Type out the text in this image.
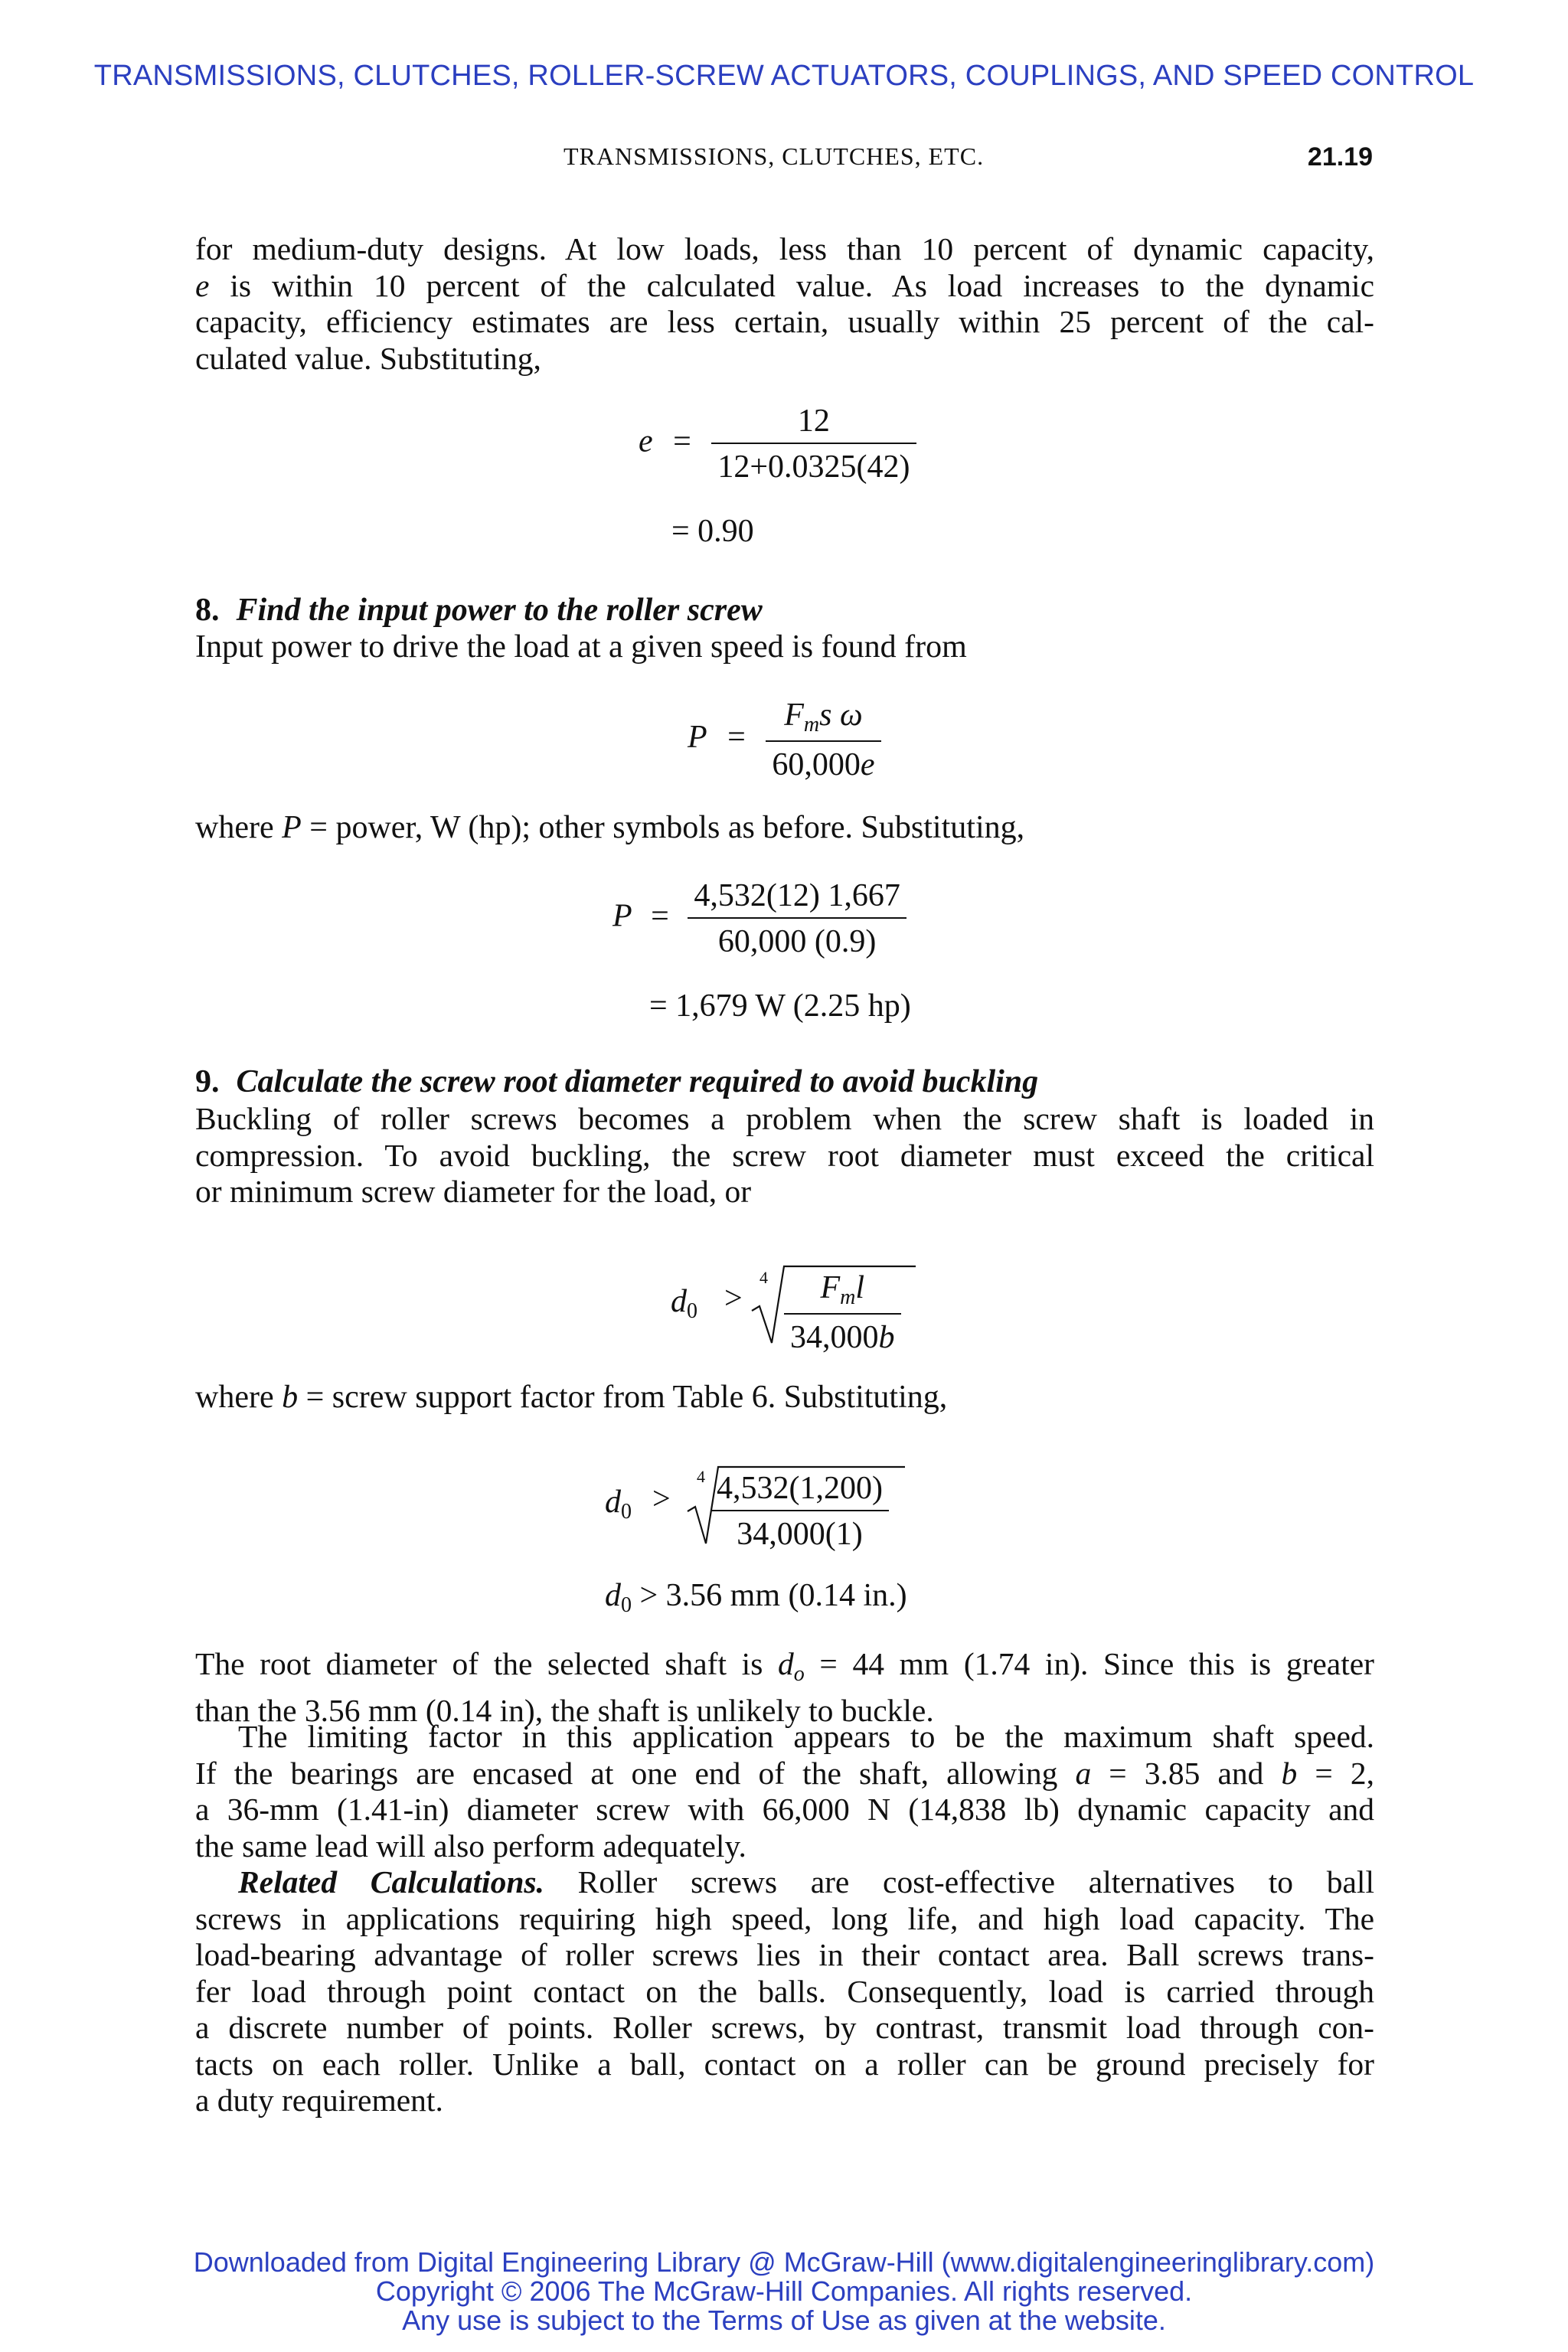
TRANSMISSIONS, CLUTCHES, ROLLER-SCREW ACTUATORS, COUPLINGS, AND SPEED CONTROL
TRANSMISSIONS, CLUTCHES, ETC.	21.19
for medium-duty designs. At low loads, less than 10 percent of dynamic capacity,
e is within 10 percent of the calculated value. As load increases to the dynamic
capacity, efficiency estimates are less certain, usually within 25 percent of the cal-
culated value. Substituting,
$e = \frac{12}{12+0.0325(42)}$
= 0.90
8. Find the input power to the roller screw
Input power to drive the load at a given speed is found from
$P = \frac{F_ms \omega}{60,000e}$
where P = power, W (hp); other symbols as before. Substituting,
$P = \frac{4,532(12) 1,667}{60,000 (0.9)}$
= 1,679 W (2.25 hp)
9. Calculate the screw root diameter required to avoid buckling
Buckling of roller screws becomes a problem when the screw shaft is loaded in
compression. To avoid buckling, the screw root diameter must exceed the critical
or minimum screw diameter for the load, or
$d_0$ >
4	$F_ml$
34,000b
where b = screw support factor from Table 6. Substituting,
$d_0$ >
$4 \frac{4,532(1,200)}{34,000(1)}$
$d_0 > 3.56$ mm (0.14 in.)
The root diameter of the selected shaft is $d_o = 44$ mm (1.74 in). Since this is greater
than the 3.56 mm (0.14 in), the shaft is unlikely to buckle.
The limiting factor in this application appears to be the maximum shaft speed.
If the bearings are encased at one end of the shaft, allowing a = 3.85 and b = 2,
a 36-mm (1.41-in) diameter screw with 66,000 N (14,838 lb) dynamic capacity and
the same lead will also perform adequately.
Related Calculations. Roller screws are cost-effective alternatives to ball
screws in applications requiring high speed, long life, and high load capacity. The
load-bearing advantage of roller screws lies in their contact area. Ball screws trans-
fer load through point contact on the balls. Consequently, load is carried through
a discrete number of points. Roller screws, by contrast, transmit load through con-
tacts on each roller. Unlike a ball, contact on a roller can be ground precisely for
a duty requirement.
Downloaded from Digital Engineering Library @ McGraw-Hill (www.digitalengineeringlibrary.com)
Copyright © 2006 The McGraw-Hill Companies. All rights reserved.
Any use is subject to the Terms of Use as given at the website.
